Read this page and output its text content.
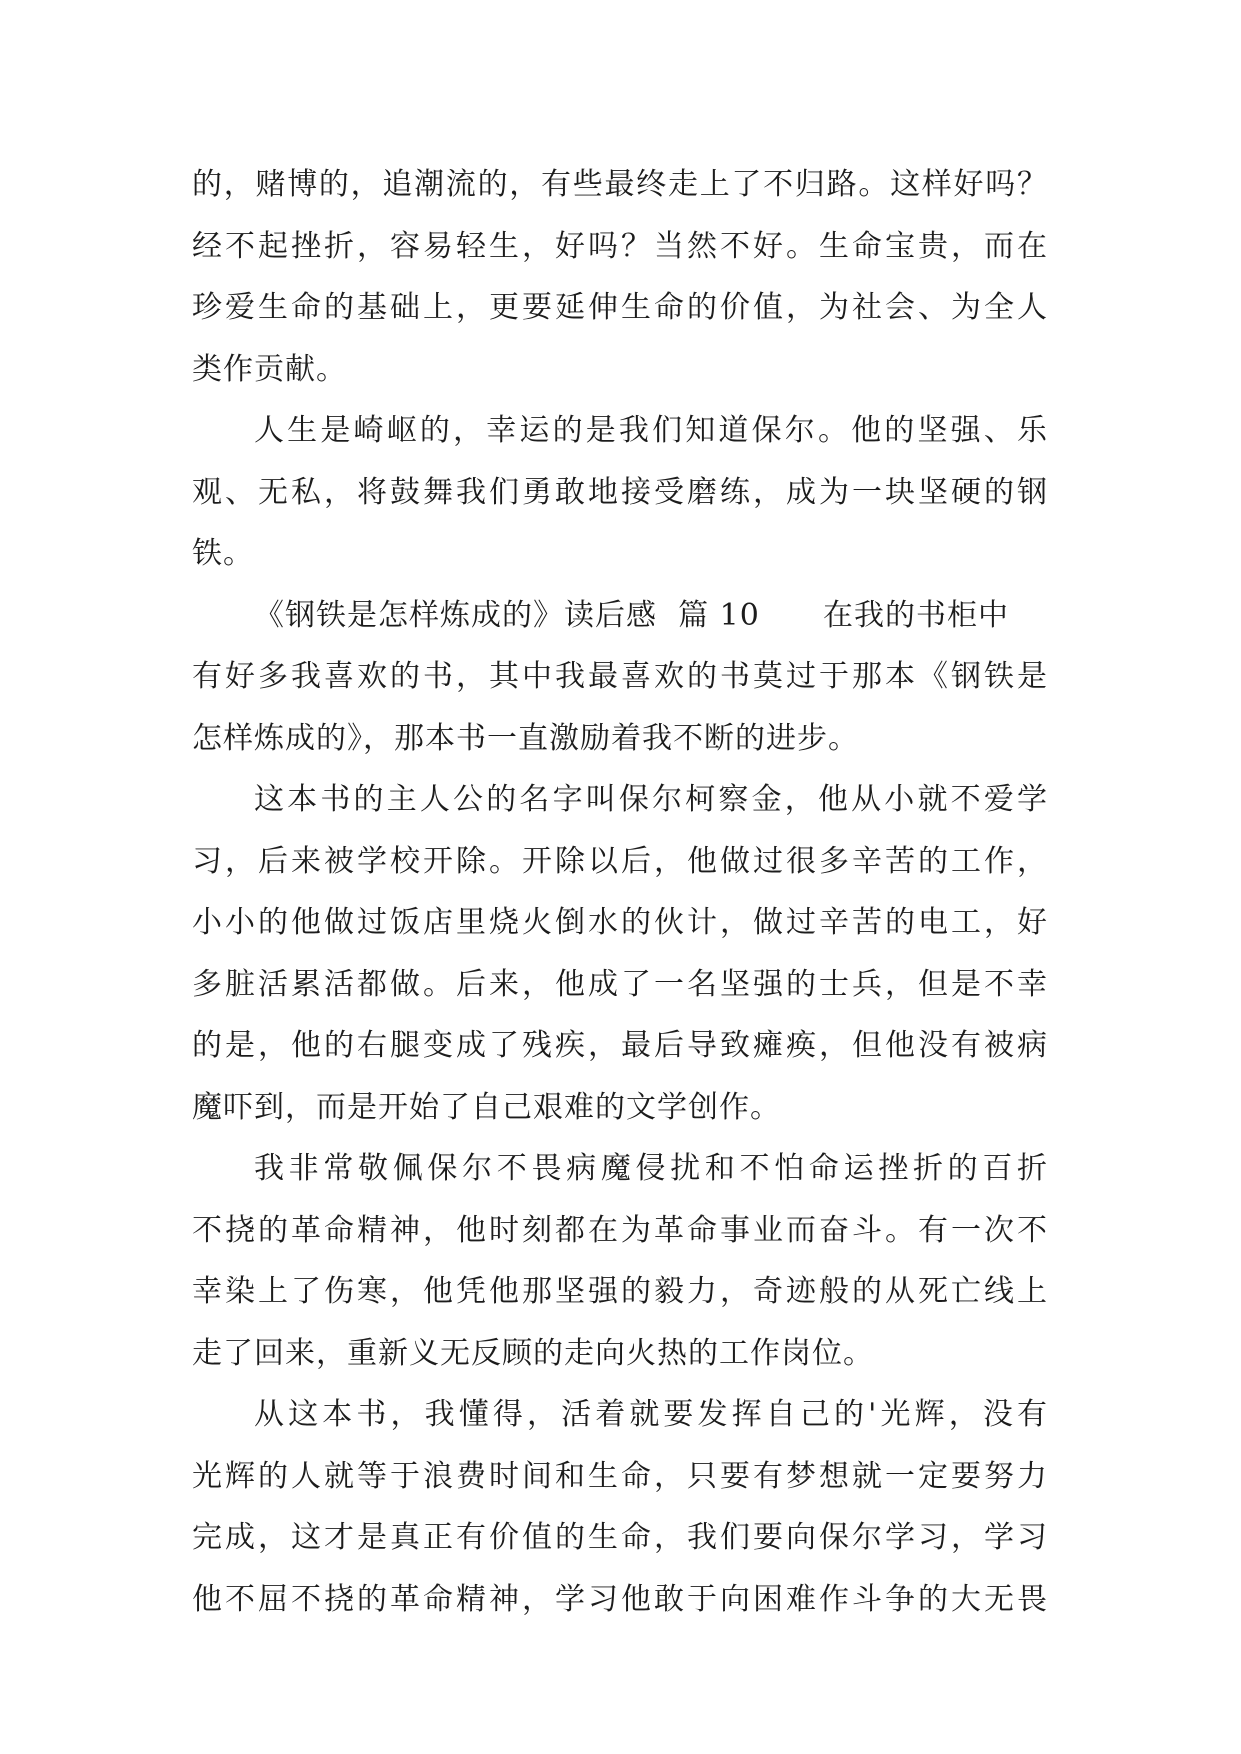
的，赌博的，追潮流的，有些最终走上了不归路。这样好吗？
经不起挫折，容易轻生，好吗？当然不好。生命宝贵，而在
珍爱生命的基础上，更要延伸生命的价值，为社会、为全人
类作贡献。
人生是崎岖的，幸运的是我们知道保尔。他的坚强、乐
观、无私，将鼓舞我们勇敢地接受磨练，成为一块坚硬的钢
铁。
《钢铁是怎样炼成的》读后感  篇 10      在我的书柜中
有好多我喜欢的书，其中我最喜欢的书莫过于那本《钢铁是
怎样炼成的》，那本书一直激励着我不断的进步。
这本书的主人公的名字叫保尔柯察金，他从小就不爱学
习，后来被学校开除。开除以后，他做过很多辛苦的工作，
小小的他做过饭店里烧火倒水的伙计，做过辛苦的电工，好
多脏活累活都做。后来，他成了一名坚强的士兵，但是不幸
的是，他的右腿变成了残疾，最后导致瘫痪，但他没有被病
魔吓到，而是开始了自己艰难的文学创作。
我非常敬佩保尔不畏病魔侵扰和不怕命运挫折的百折
不挠的革命精神，他时刻都在为革命事业而奋斗。有一次不
幸染上了伤寒，他凭他那坚强的毅力，奇迹般的从死亡线上
走了回来，重新义无反顾的走向火热的工作岗位。
从这本书，我懂得，活着就要发挥自己的'光辉，没有
光辉的人就等于浪费时间和生命，只要有梦想就一定要努力
完成，这才是真正有价值的生命，我们要向保尔学习，学习
他不屈不挠的革命精神，学习他敢于向困难作斗争的大无畏
